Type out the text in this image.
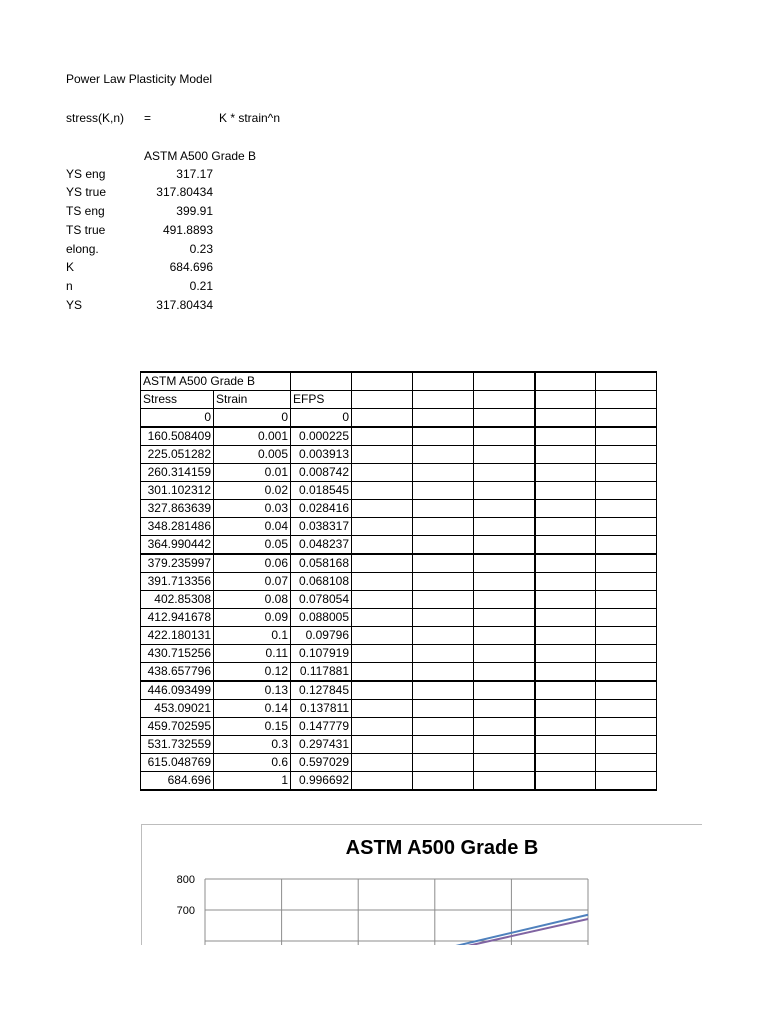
Power Law Plasticity Model
stress(K,n) =	K * strain^n
ASTM A500 Grade B
YS eng	317.17
YS true	317.80434
TS eng	399.91
TS true	491.8893
elong.	0.23
K	684.696
n	0.21
YS	317.80434
ASTM A500 Grade B							
Stress	Strain	EFPS					
0	0	0					
160.508409	0.001	0.000225					
225.051282	0.005	0.003913					
260.314159	0.01	0.008742					
301.102312	0.02	0.018545					
327.863639	0.03	0.028416					
348.281486	0.04	0.038317					
364.990442	0.05	0.048237					
379.235997	0.06	0.058168					
391.713356	0.07	0.068108					
402.85308	0.08	0.078054					
412.941678	0.09	0.088005					
422.180131	0.1	0.09796					
430.715256	0.11	0.107919					
438.657796	0.12	0.117881					
446.093499	0.13	0.127845					
453.09021	0.14	0.137811					
459.702595	0.15	0.147779					
531.732559	0.3	0.297431					
615.048769	0.6	0.597029					
684.696	1	0.996692					
ASTM A500 Grade B
800
700
